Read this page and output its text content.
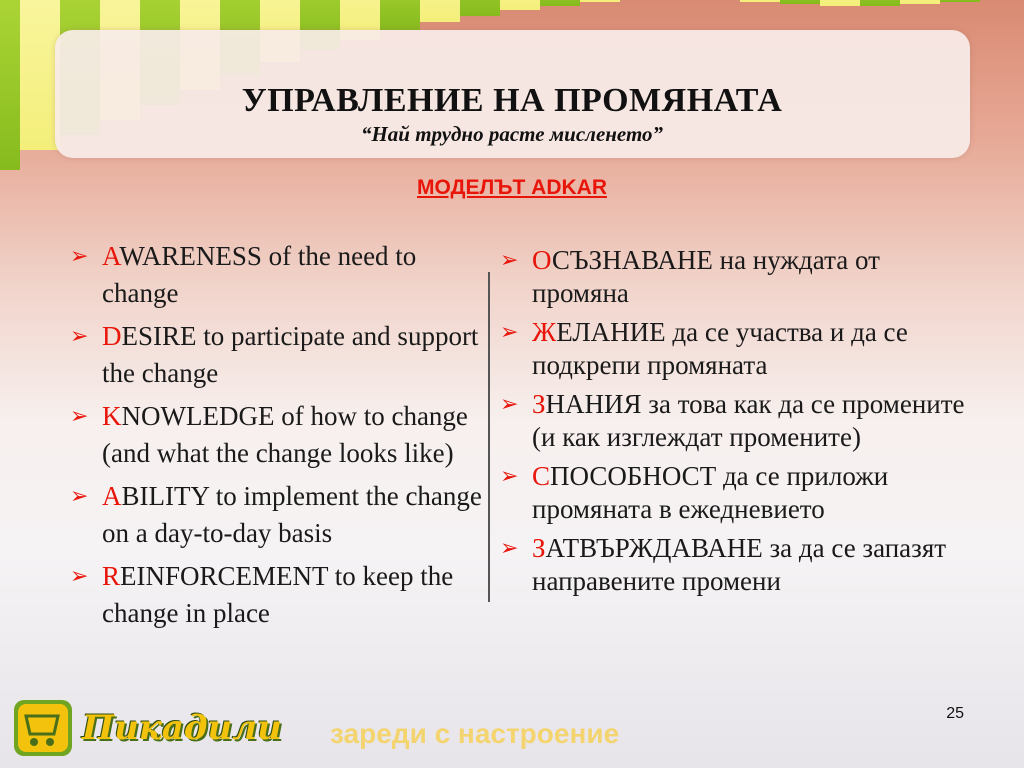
УПРАВЛЕНИЕ НА ПРОМЯНАТА
“Най трудно расте мисленето”
МОДЕЛЪТ ADKAR
➢ AWARENESS of the need to change
➢ DESIRE to participate and support the change
➢ KNOWLEDGE of how to change (and what the change looks like)
➢ ABILITY to implement the change on a day-to-day basis
➢ REINFORCEMENT to keep the change in place
➢ ОСЪЗНАВАНЕ на нуждата от промяна
➢ ЖЕЛАНИЕ да се участва и да се подкрепи промяната
➢ ЗНАНИЯ за това как да се промените (и как изглеждат промените)
➢ СПОСОБНОСТ да се приложи промяната в ежедневието
➢ ЗАТВЪРЖДАВАНЕ за да се запазят направените промени
Пикадили зареди с настроение
25
